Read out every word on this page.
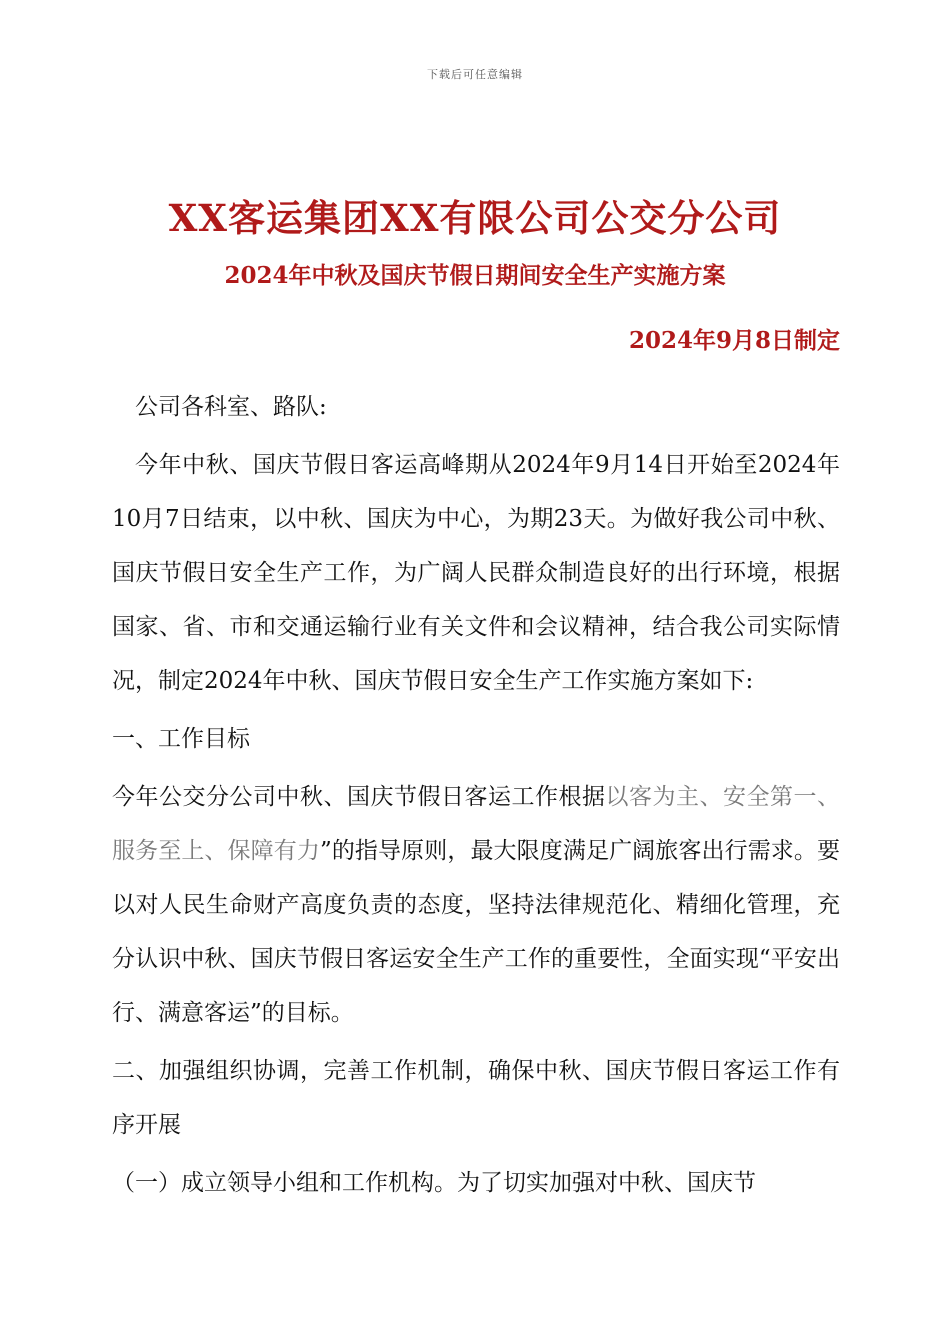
下载后可任意编辑
XX客运集团XX有限公司公交分公司
2024年中秋及国庆节假日期间安全生产实施方案
2024年9月8日制定

公司各科室、路队:

今年中秋、国庆节假日客运高峰期从2024年9月14日开始至2024年10月7日结束，以中秋、国庆为中心，为期23天。为做好我公司中秋、国庆节假日安全生产工作，为广阔人民群众制造良好的出行环境，根据国家、省、市和交通运输行业有关文件和会议精神，结合我公司实际情况，制定2024年中秋、国庆节假日安全生产工作实施方案如下:

一、工作目标

今年公交分公司中秋、国庆节假日客运工作根据以客为主、安全第一、服务至上、保障有力”的指导原则，最大限度满足广阔旅客出行需求。要以对人民生命财产高度负责的态度，坚持法律规范化、精细化管理，充分认识中秋、国庆节假日客运安全生产工作的重要性，全面实现“平安出行、满意客运”的目标。

二、加强组织协调，完善工作机制，确保中秋、国庆节假日客运工作有序开展

（一）成立领导小组和工作机构。为了切实加强对中秋、国庆节
